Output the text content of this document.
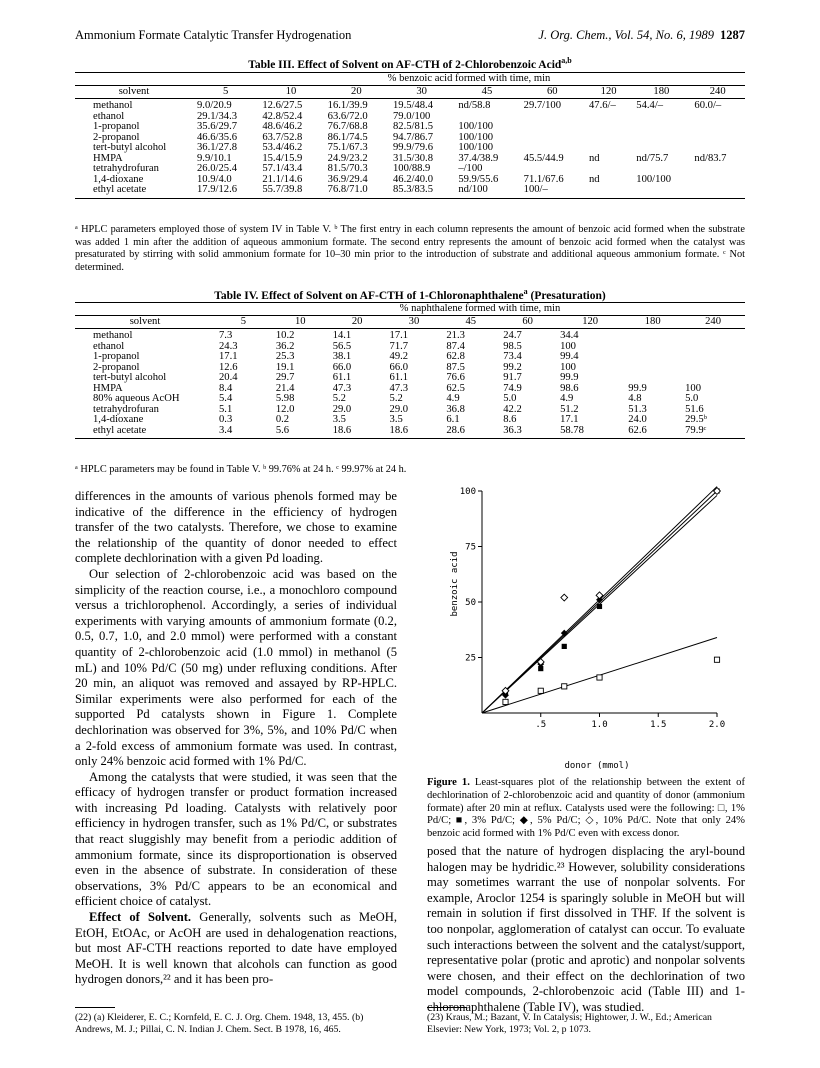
Ammonium Formate Catalytic Transfer Hydrogenation	J. Org. Chem., Vol. 54, No. 6, 1989 1287
Table III. Effect of Solvent on AF-CTH of 2-Chlorobenzoic Acid$^{a,b}$
	% benzoic acid formed with time, min								
solvent	5	10	20	30	45	60	120	180	240
methanol	9.0/20.9	12.6/27.5	16.1/39.9	19.5/48.4	nd/58.8	29.7/100	47.6/–	54.4/–	60.0/–
ethanol	29.1/34.3	42.8/52.4	63.6/72.0	79.0/100					
1-propanol	35.6/29.7	48.6/46.2	76.7/68.8	82.5/81.5	100/100				
2-propanol	46.6/35.6	63.7/52.8	86.1/74.5	94.7/86.7	100/100				
tert-butyl alcohol	36.1/27.8	53.4/46.2	75.1/67.3	99.9/79.6	100/100				
HMPA	9.9/10.1	15.4/15.9	24.9/23.2	31.5/30.8	37.4/38.9	45.5/44.9	nd	nd/75.7	nd/83.7
tetrahydrofuran	26.0/25.4	57.1/43.4	81.5/70.3	100/88.9	–/100				
1,4-dioxane	10.9/4.0	21.1/14.6	36.9/29.4	46.2/40.0	59.9/55.6	71.1/67.6	nd	100/100	
ethyl acetate	17.9/12.6	55.7/39.8	76.8/71.0	85.3/83.5	nd/100	100/–			
ᵃ HPLC parameters employed those of system IV in Table V. ᵇ The first entry in each column represents the amount of benzoic acid formed when the substrate was added 1 min after the addition of aqueous ammonium formate. The second entry represents the amount of benzoic acid formed when the catalyst was presaturated by stirring with solid ammonium formate for 10–30 min prior to the introduction of substrate and additional aqueous ammonium formate. ᶜ Not determined.
Table IV. Effect of Solvent on AF-CTH of 1-Chloronaphthalene$^a$ (Presaturation)
	% naphthalene formed with time, min								
solvent	5	10	20	30	45	60	120	180	240
methanol	7.3	10.2	14.1	17.1	21.3	24.7	34.4		
ethanol	24.3	36.2	56.5	71.7	87.4	98.5	100		
1-propanol	17.1	25.3	38.1	49.2	62.8	73.4	99.4		
2-propanol	12.6	19.1	66.0	66.0	87.5	99.2	100		
tert-butyl alcohol	20.4	29.7	61.1	61.1	76.6	91.7	99.9		
HMPA	8.4	21.4	47.3	47.3	62.5	74.9	98.6	99.9	100
80% aqueous AcOH	5.4	5.98	5.2	5.2	4.9	5.0	4.9	4.8	5.0
tetrahydrofuran	5.1	12.0	29.0	29.0	36.8	42.2	51.2	51.3	51.6
1,4-dioxane	0.3	0.2	3.5	3.5	6.1	8.6	17.1	24.0	29.5ᵇ
ethyl acetate	3.4	5.6	18.6	18.6	28.6	36.3	58.78	62.6	79.9ᶜ
ᵃ HPLC parameters may be found in Table V. ᵇ 99.76% at 24 h. ᶜ 99.97% at 24 h.

differences in the amounts of various phenols formed may be indicative of the difference in the efficiency of hydrogen transfer of the two catalysts. Therefore, we chose to examine the relationship of the quantity of donor needed to effect complete dechlorination with a given Pd loading.

Our selection of 2-chlorobenzoic acid was based on the simplicity of the reaction course, i.e., a monochloro compound versus a trichlorophenol. Accordingly, a series of individual experiments with varying amounts of ammonium formate (0.2, 0.5, 0.7, 1.0, and 2.0 mmol) were performed with a constant quantity of 2-chlorobenzoic acid (1.0 mmol) in methanol (5 mL) and 10% Pd/C (50 mg) under refluxing conditions. After 20 min, an aliquot was removed and assayed by RP-HPLC. Similar experiments were also performed for each of the supported Pd catalysts shown in Figure 1. Complete dechlorination was observed for 3%, 5%, and 10% Pd/C when a 2-fold excess of ammonium formate was used. In contrast, only 24% benzoic acid formed with 1% Pd/C.

Among the catalysts that were studied, it was seen that the efficacy of hydrogen transfer or product formation increased with increasing Pd loading. Catalysts with relatively poor efficiency in hydrogen transfer, such as 1% Pd/C, or substrates that react sluggishly may benefit from a periodic addition of ammonium formate, since its disproportionation is observed even in the absence of substrate. In consideration of these observations, 3% Pd/C appears to be an economical and efficient choice of catalyst.

Effect of Solvent. Generally, solvents such as MeOH, EtOH, EtOAc, or AcOH are used in dehalogenation reactions, but most AF-CTH reactions reported to date have employed MeOH. It is well known that alcohols can function as good hydrogen donors,²² and it has been pro-

(22) (a) Kleiderer, E. C.; Kornfeld, E. C. J. Org. Chem. 1948, 13, 455. (b) Andrews, M. J.; Pillai, C. N. Indian J. Chem. Sect. B 1978, 16, 465.
.5	1.0	1.5	2.0
25
50
75
100
donor (mmol)
benzoic acid
Figure 1. Least-squares plot of the relationship between the extent of dechlorination of 2-chlorobenzoic acid and quantity of donor (ammonium formate) after 20 min at reflux. Catalysts used were the following: □, 1% Pd/C; ■, 3% Pd/C; ◆, 5% Pd/C; ◇, 10% Pd/C. Note that only 24% benzoic acid formed with 1% Pd/C even with excess donor.

posed that the nature of hydrogen displacing the aryl-bound halogen may be hydridic.²³ However, solubility considerations may sometimes warrant the use of nonpolar solvents. For example, Aroclor 1254 is sparingly soluble in MeOH but will remain in solution if first dissolved in THF. If the solvent is too nonpolar, agglomeration of catalyst can occur. To evaluate such interactions between the solvent and the catalyst/support, representative polar (protic and aprotic) and nonpolar solvents were chosen, and their effect on the dechlorination of two model compounds, 2-chlorobenzoic acid (Table III) and 1-chloronaphthalene (Table IV), was studied.

(23) Kraus, M.; Bazant, V. In Catalysis; Hightower, J. W., Ed.; American Elsevier: New York, 1973; Vol. 2, p 1073.
